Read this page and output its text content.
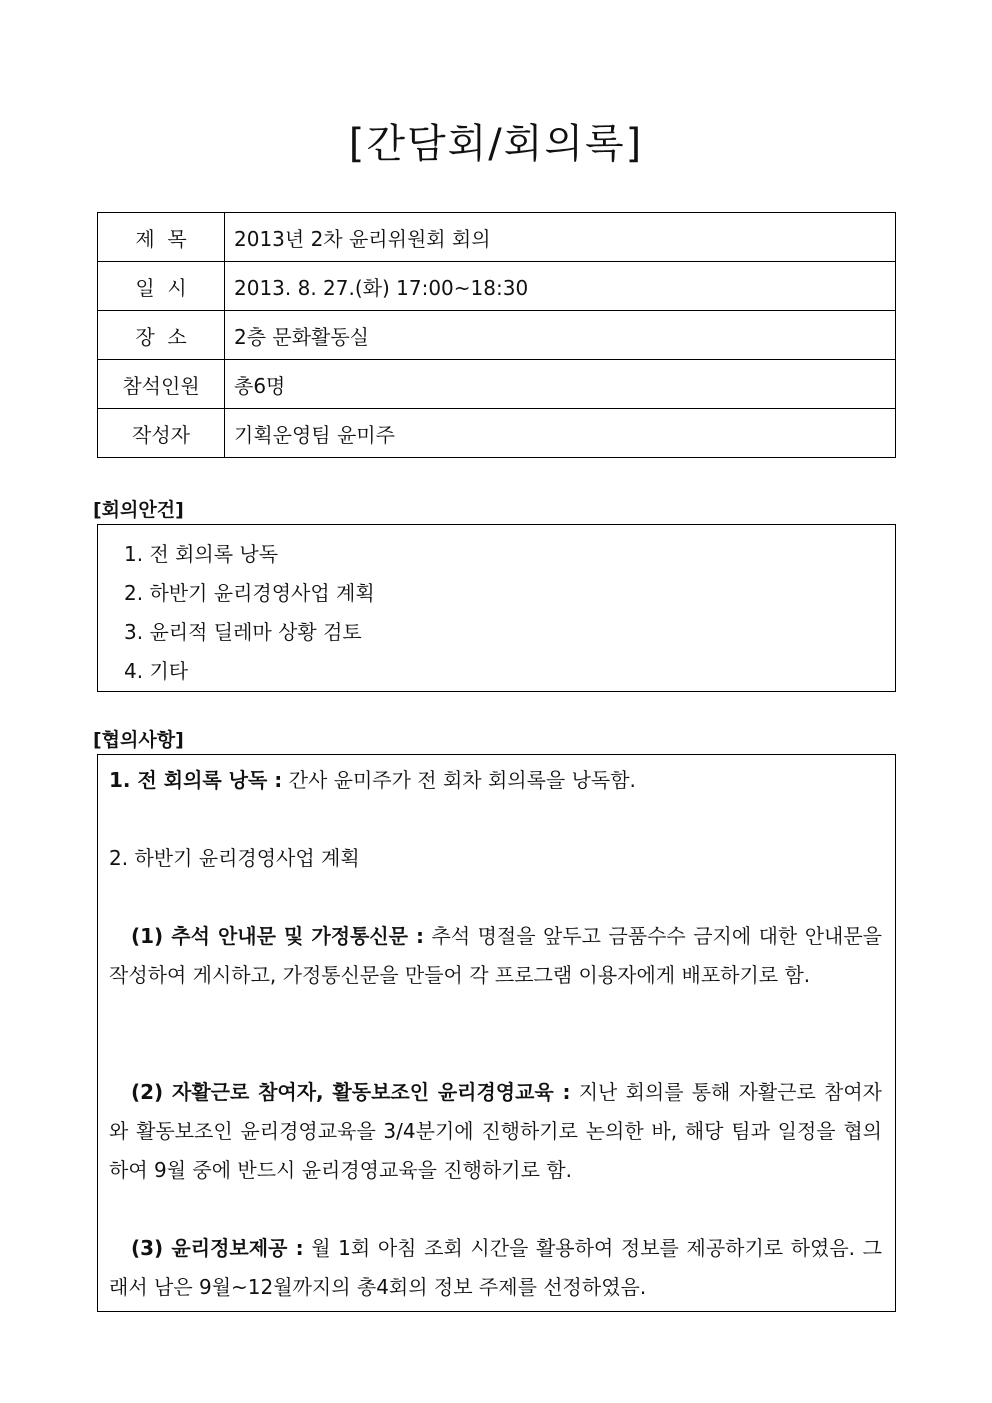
[간담회/회의록]
제  목	2013년 2차 윤리위원회 회의
일  시	2013. 8. 27.(화) 17:00~18:30
장  소	2층 문화활동실
참석인원	총6명
작성자	기획운영팀 윤미주

[회의안건]

1. 전 회의록 낭독
2. 하반기 윤리경영사업 계획
3. 윤리적 딜레마 상황 검토
4. 기타

[협의사항]

1. 전 회의록 낭독 : 간사 윤미주가 전 회차 회의록을 낭독함.

2. 하반기 윤리경영사업 계획

(1) 추석 안내문 및 가정통신문 : 추석 명절을 앞두고 금품수수 금지에 대한 안내문을 작성하여 게시하고, 가정통신문을 만들어 각 프로그램 이용자에게 배포하기로 함.

(2) 자활근로 참여자, 활동보조인 윤리경영교육 : 지난 회의를 통해 자활근로 참여자와 활동보조인 윤리경영교육을 3/4분기에 진행하기로 논의한 바, 해당 팀과 일정을 협의하여 9월 중에 반드시 윤리경영교육을 진행하기로 함.

(3) 윤리정보제공 : 월 1회 아침 조회 시간을 활용하여 정보를 제공하기로 하였음. 그래서 남은 9월~12월까지의 총4회의 정보 주제를 선정하였음.
